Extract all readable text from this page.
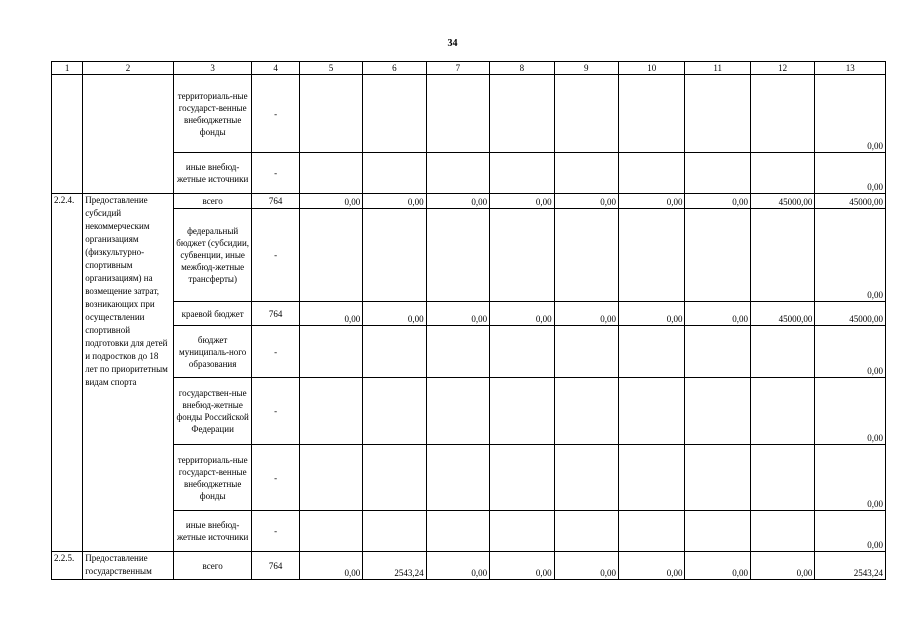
34
1	2	3	4	5	6	7	8	9	10	11	12	13
		территориаль-ные государст-венные внебюджетные фонды	-									0,00
		иные внебюд-жетные источники	-									0,00
2.2.4.	Предоставление субсидий некоммерческим организациям (физкультурно-спортивным организациям) на возмещение затрат, возникающих при осуществлении спортивной подготовки для детей и подростков до 18 лет по приоритетным видам спорта	всего	764	0,00	0,00	0,00	0,00	0,00	0,00	0,00	45000,00	45000,00
		федеральный бюджет (субсидии, субвенции, иные межбюд-жетные трансферты)	-									0,00
		краевой бюджет	764	0,00	0,00	0,00	0,00	0,00	0,00	0,00	45000,00	45000,00
		бюджет муниципаль-ного образования	-									0,00
		государствен-ные внебюд-жетные фонды Российской Федерации	-									0,00
		территориаль-ные государст-венные внебюджетные фонды	-									0,00
		иные внебюд-жетные источники	-									0,00
2.2.5.	Предоставление государственным	всего	764	0,00	2543,24	0,00	0,00	0,00	0,00	0,00	0,00	2543,24
